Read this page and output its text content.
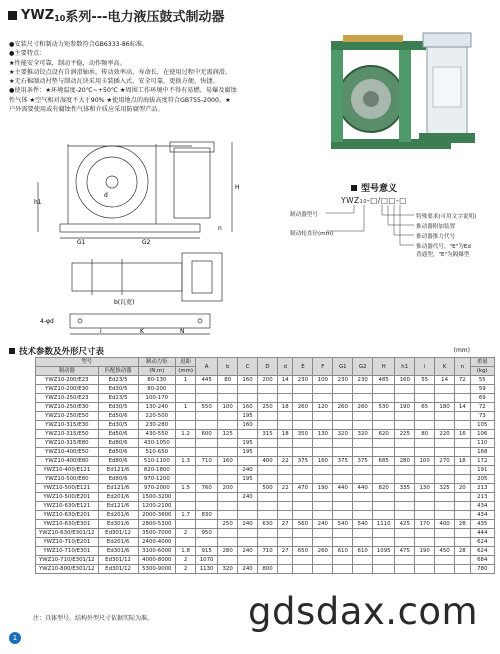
YWZ 10 系列---电力液压鼓式制动器
●安装尺寸和制动力矩参数符合GB6333-86标准。
●主要特点：
★性能安全可靠，制动平稳，动作频率高。
★主要推动铰点设有自润滑轴承，传动效率高，寿命长，在使用过程中无需润滑。
★无石棉制动衬垫与制动瓦块采用卡装插入式，安全可靠，更换方便、快捷。
●使用条件：★环境温度-20℃~+50℃ ★周围工作环境中不得有易燃、易爆及腐蚀
性气体 ★空气相对湿度不大于90% ★使用地点的海拔高度符合GB755-2000。★
户外需要使用或有腐蚀性气体和介质应采用防腐型产品。
h1
H
d
G1	G2
n
b(瓦宽)
4-φd
i	K	N
型号意义
YWZ10-□/□□-□
制动器型号
制动轮直径(mm)
特殊要求(可用文字说明)
推动器附加装置
推动器推力代号
推动器代号，"E"为Ed
普通型，"E"为隔爆型
技术参数及外形尺寸表	(mm)
型号		制动力矩	退距	A	b	C	D	d	E	F	G1	G2	H	h1	i	K	n	重量
制动器	匹配推动器	(N.m)	(mm)															(kg)
YWZ10-200/E23	Ed23/5	80-130	1	445	80	160	200	14	230	100	230	230	485	160	55	14	72	55
YWZ10-200/E30	Ed30/5	80-200																59
YWZ10-250/E23	Ed23/5	100-170																69
YWZ10-250/E30	Ed30/5	130-240	1	550	100	160	250	18	260	120	260	260	530	190	65	180	14	72
YWZ10-250/E50	Ed50/6	220-500				195												73
YWZ10-315/E30	Ed30/5	230-280				160												105
YWZ10-315/E50	Ed50/6	430-550	1.2	600	125		315	18	350	130	320	320	620	225	80	220	16	106
YWZ10-315/E80	Ed80/6	430-1050				195												110
YWZ10-400/E50	Ed50/6	510-650				195												168
YWZ10-400/E80	Ed80/6	510-1100	1.3	710	160		400	22	375	160	375	375	685	280	100	270	18	172
YWZ10-400/E121	Ed121/6	820-1800				240												191
YWZ10-500/E80	Ed80/6	970-1200				195												205
YWZ10-500/E121	Ed121/6	970-2000	1.5	760	200		500	22	470	190	440	440	820	335	130	325	20	213
YWZ10-500/E201	Ed201/6	1500-3200				240												213
YWZ10-630/E121	Ed121/6	1200-2100																434
YWZ10-630/E201	Ed201/6	2000-3600	1.7	830														434
YWZ10-630/E301	Ed301/6	2800-5300			250	240	630	27	560	240	540	540	1110	425	170	400	28	435
YWZ10-630/E301/12	Ed301/12	3500-7000	2	950														444
YWZ10-710/E201	Ed201/6	2400-4000																624
YWZ10-710/E301	Ed301/6	3100-6000	1.8	915	280	240	710	27	650	260	610	610	1095	475	190	450	28	624
YWZ10-710/E301/12	Ed301/12	4000-8000	2	1070														684
YWZ10-800/E301/12	Ed301/12	5300-9000	2	1130	320	240	800											780
注：具体型号，结构外型尺寸依据实际为准。	gdsdax.com
1
